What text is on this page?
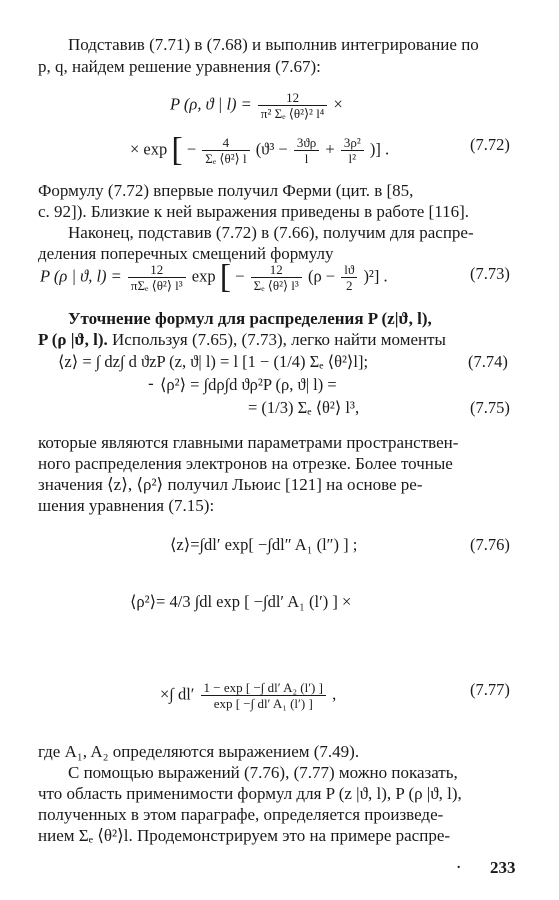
Подставив (7.71) в (7.68) и выполнив интегрирование по
p, q, найдем решение уравнения (7.67):
P (ρ, ϑ | $l) = \frac{12}{\text{π² Σₑ ⟨θ²⟩² l⁴}}$ ×
× exp [ − $\frac{4}{\text{Σₑ ⟨θ²⟩ l}} (ϑ^3 - \frac{3ϑ\rho}{l} + \frac{\text{3ρ²}}{\text{l²}}$ )] .	(7.72)
Формулу (7.72) впервые получил Ферми (цит. в [85,
с. 92]). Близкие к ней выражения приведены в работе [116].
Наконец, подставив (7.72) в (7.66), получим для распре-
деления поперечных смещений формулу
P (ρ | ϑ, $l) = \frac{12}{\text{πΣₑ ⟨θ²⟩ l³}}$ exp [ − $\frac{12}{\text{Σₑ ⟨θ²⟩ l³}} (\rho - \frac{lϑ}{2} )^2$] .	(7.73)
Уточнение формул для распределения P (z|ϑ, l),
P (ρ |ϑ, l). Используя (7.65), (7.73), легко найти моменты
⟨z⟩ = ∫ dz∫ d ϑzP (z, ϑ| l) = l [1 − (1/4) Σₑ ⟨θ²⟩l];	(7.74)
- ⟨ρ²⟩ = ∫dρ∫d ϑρ²P (ρ, ϑ| l) =
= (1/3) Σₑ ⟨θ²⟩ l³,	(7.75)
которые являются главными параметрами пространствен-
ного распределения электронов на отрезке. Более точные
значения ⟨z⟩, ⟨ρ²⟩ получил Льюис [121] на основе ре-
шения уравнения (7.15):
⟨z⟩=∫dl′ exp[ −∫dl″ A₁ (l″) ] ;	(7.76)
⟨ρ²⟩= 4/3 ∫dl exp [ −∫dl′ A₁ (l′) ] ×
×∫ $dl' \frac{\text{1 − exp [ −∫ dl′ A₂ (l′) ]}}{\text{exp [ −∫ dl′ A₁ (l′) ]}}$ ,	(7.77)
где A₁, A₂ определяются выражением (7.49).
С помощью выражений (7.76), (7.77) можно показать,
что область применимости формул для P (z |ϑ, l), P (ρ |ϑ, l),
полученных в этом параграфе, определяется произведе-
нием Σₑ ⟨θ²⟩l. Продемонстрируем это на примере распре-
· 233
